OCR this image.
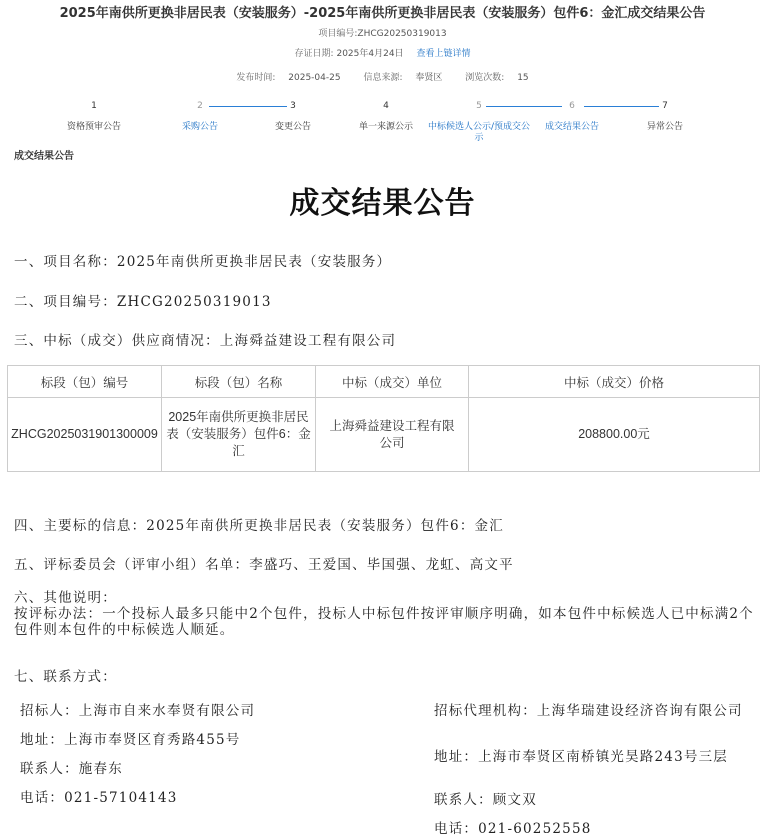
2025年南供所更换非居民表（安装服务）-2025年南供所更换非居民表（安装服务）包件6：金汇成交结果公告
项目编号:ZHCG20250319013
存证日期: 2025年4月24日 查看上链详情
发布时间: 2025-04-25	信息来源: 奉贤区	浏览次数: 15
1
资格预审公告
2
采购公告
3
变更公告
4
单一来源公示
5
中标候选人公示/预成交公示
6
成交结果公告
7
异常公告
成交结果公告
成交结果公告
一、项目名称：2025年南供所更换非居民表（安装服务）
二、项目编号：ZHCG20250319013
三、中标（成交）供应商情况：上海舜益建设工程有限公司
标段（包）编号	标段（包）名称	中标（成交）单位	中标（成交）价格
ZHCG2025031901300009	2025年南供所更换非居民表（安装服务）包件6：金汇	上海舜益建设工程有限公司	208800.00元
四、主要标的信息：2025年南供所更换非居民表（安装服务）包件6：金汇
五、评标委员会（评审小组）名单：李盛巧、王爱国、毕国强、龙虹、高文平
六、其他说明：
按评标办法：一个投标人最多只能中2个包件，投标人中标包件按评审顺序明确，如本包件中标候选人已中标满2个包件则本包件的中标候选人顺延。
七、联系方式：
招标人：上海市自来水奉贤有限公司
地址：上海市奉贤区育秀路455号
联系人：施春东
电话：021-57104143
招标代理机构：上海华瑞建设经济咨询有限公司
地址：上海市奉贤区南桥镇光昊路243号三层
联系人：顾文双
电话：021-60252558
